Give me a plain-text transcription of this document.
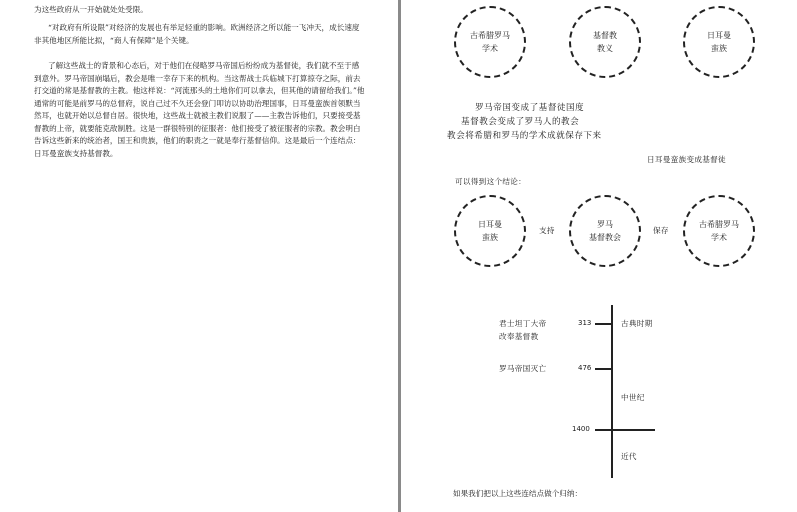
为这些政府从一开始就处处受限。

“对政府有所设限”对经济的发展也有举足轻重的影响。欧洲经济之所以能一飞冲天，成长速度非其他地区所能比拟，“商人有保障”是个关键。

了解这些战士的背景和心态后，对于他们在侵略罗马帝国后纷纷成为基督徒，我们就不至于感到意外。罗马帝国崩塌后，教会是唯一幸存下来的机构。当这帮战士兵临城下打算掠夺之际，前去打交道的常是基督教的主教。他这样说：“河流那头的土地你们可以拿去，但其他的请留给我们。”他通常的可能是前罗马的总督府，说自己过不久还会登门叩访以协助治理国事，日耳曼蛮族首领默当然耳，也就开始以总督自居。很快地，这些战士就被主教们说服了——主教告诉他们，只要接受基督教的上帝，就要能克敌制胜。这是一群很特别的征服者：他们接受了被征服者的宗教。教会明白告诉这些新来的统治者，国王和贵族，他们的职责之一就是奉行基督信仰。这是最后一个连结点：日耳曼蛮族支持基督教。

古希腊罗马
学术
基督教
教义
日耳曼
蛮族
罗马帝国变成了基督徒国度
基督教会变成了罗马人的教会
教会将希腊和罗马的学术成就保存下来
日耳曼蛮族变成基督徒
可以得到这个结论：
日耳曼
蛮族
支持
罗马
基督教会
保存
古希腊罗马
学术
君士坦丁大帝
改奉基督教
313	古典时期
罗马帝国灭亡	476
中世纪
1400
近代
如果我们把以上这些连结点做个归纳：
